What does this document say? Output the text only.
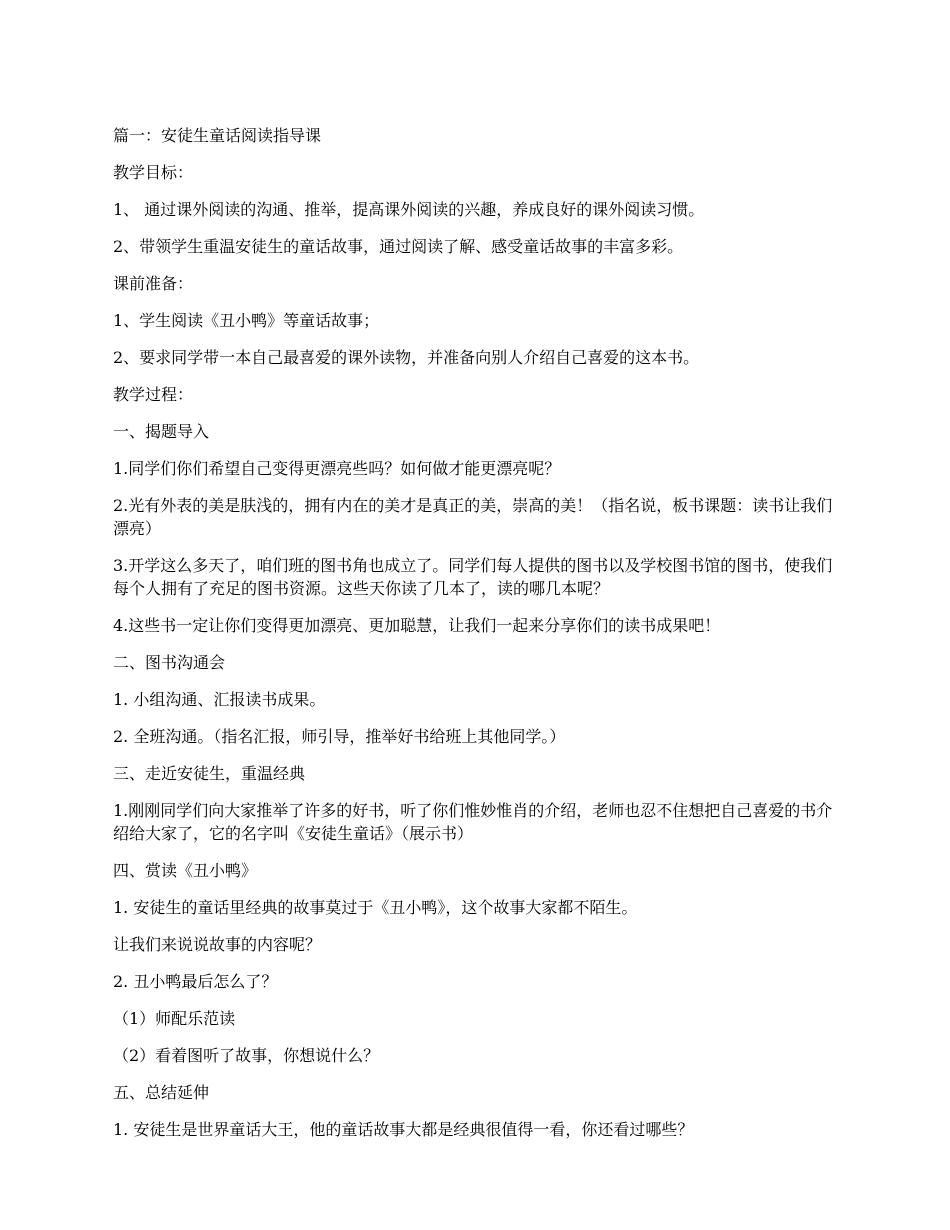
篇一：安徒生童话阅读指导课

教学目标：

1、 通过课外阅读的沟通、推举，提高课外阅读的兴趣，养成良好的课外阅读习惯。

2、带领学生重温安徒生的童话故事，通过阅读了解、感受童话故事的丰富多彩。

课前准备：

1、学生阅读《丑小鸭》等童话故事；

2、要求同学带一本自己最喜爱的课外读物，并准备向别人介绍自己喜爱的这本书。

教学过程：

一、揭题导入

1.同学们你们希望自己变得更漂亮些吗？如何做才能更漂亮呢？

2.光有外表的美是肤浅的，拥有内在的美才是真正的美，崇高的美！（指名说，板书课题：读书让我们漂亮）

3.开学这么多天了，咱们班的图书角也成立了。同学们每人提供的图书以及学校图书馆的图书，使我们每个人拥有了充足的图书资源。这些天你读了几本了，读的哪几本呢？

4.这些书一定让你们变得更加漂亮、更加聪慧，让我们一起来分享你们的读书成果吧！

二、图书沟通会

1. 小组沟通、汇报读书成果。

2. 全班沟通。（指名汇报，师引导，推举好书给班上其他同学。）

三、走近安徒生，重温经典

1.刚刚同学们向大家推举了许多的好书，听了你们惟妙惟肖的介绍，老师也忍不住想把自己喜爱的书介绍给大家了，它的名字叫《安徒生童话》（展示书）

四、赏读《丑小鸭》

1. 安徒生的童话里经典的故事莫过于《丑小鸭》，这个故事大家都不陌生。

让我们来说说故事的内容呢？

2. 丑小鸭最后怎么了？

（1）师配乐范读

（2）看着图听了故事，你想说什么？

五、总结延伸

1. 安徒生是世界童话大王，他的童话故事大都是经典很值得一看，你还看过哪些？
